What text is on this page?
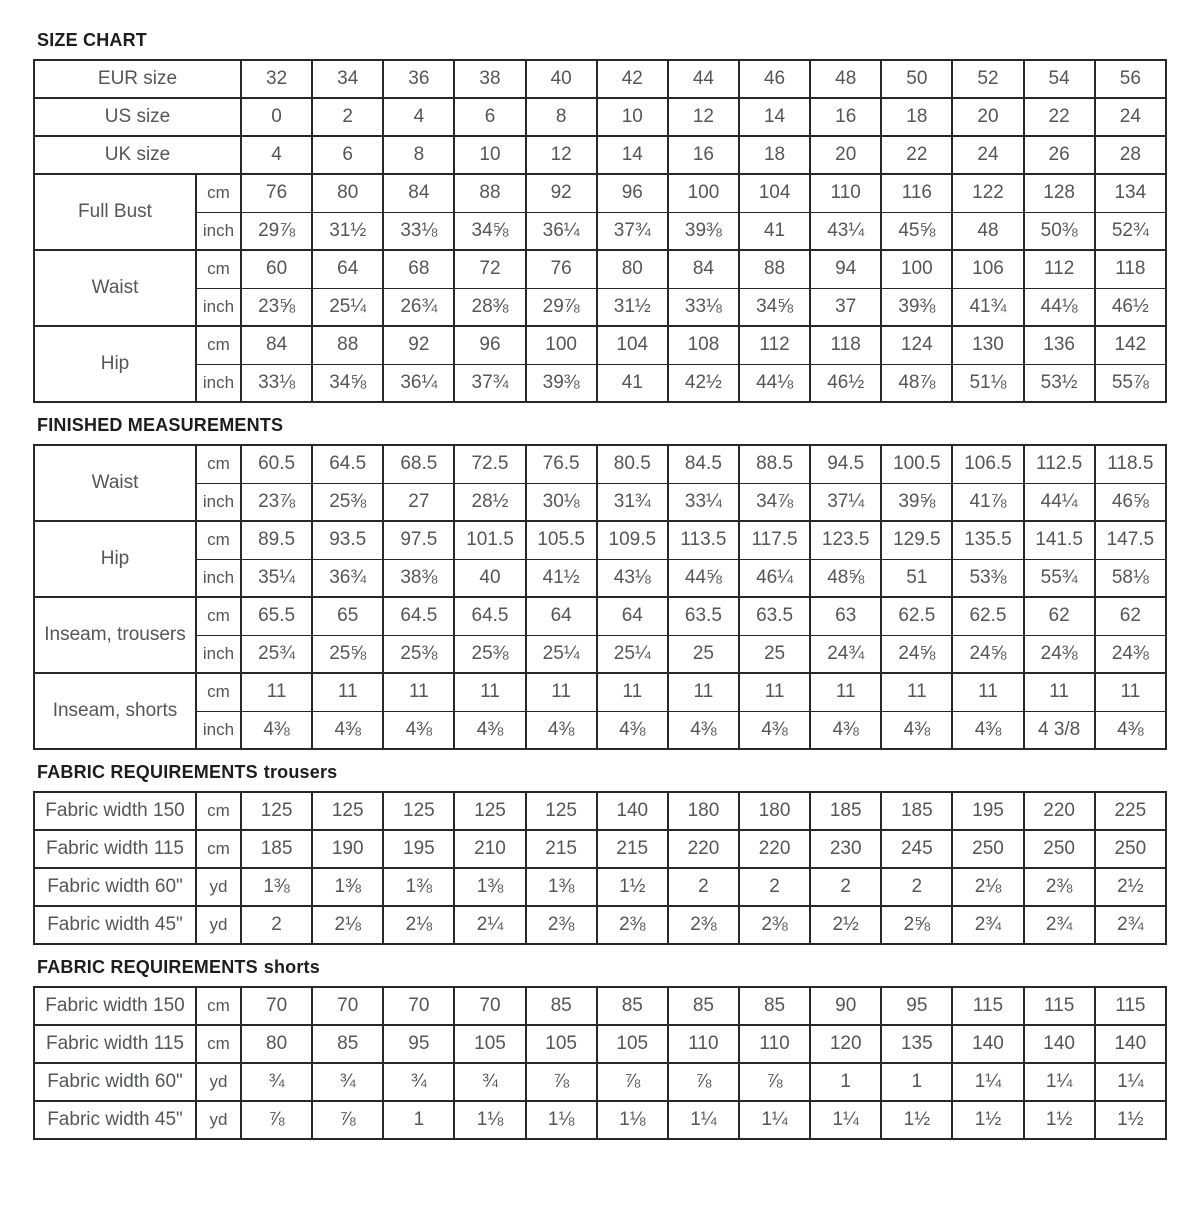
SIZE CHART
EUR size		32	34	36	38	40	42	44	46	48	50	52	54	56
US size		0	2	4	6	8	10	12	14	16	18	20	22	24
UK size		4	6	8	10	12	14	16	18	20	22	24	26	28
Full Bust	cm	76	80	84	88	92	96	100	104	110	116	122	128	134
	inch	29⅞	31½	33⅛	34⅝	36¼	37¾	39⅜	41	43¼	45⅝	48	50⅜	52¾
Waist	cm	60	64	68	72	76	80	84	88	94	100	106	112	118
	inch	23⅝	25¼	26¾	28⅜	29⅞	31½	33⅛	34⅝	37	39⅜	41¾	44⅛	46½
Hip	cm	84	88	92	96	100	104	108	112	118	124	130	136	142
	inch	33⅛	34⅝	36¼	37¾	39⅜	41	42½	44⅛	46½	48⅞	51⅛	53½	55⅞
FINISHED MEASUREMENTS
Waist	cm	60.5	64.5	68.5	72.5	76.5	80.5	84.5	88.5	94.5	100.5	106.5	112.5	118.5
	inch	23⅞	25⅜	27	28½	30⅛	31¾	33¼	34⅞	37¼	39⅝	41⅞	44¼	46⅝
Hip	cm	89.5	93.5	97.5	101.5	105.5	109.5	113.5	117.5	123.5	129.5	135.5	141.5	147.5
	inch	35¼	36¾	38⅜	40	41½	43⅛	44⅝	46¼	48⅝	51	53⅜	55¾	58⅛
Inseam, trousers	cm	65.5	65	64.5	64.5	64	64	63.5	63.5	63	62.5	62.5	62	62
	inch	25¾	25⅝	25⅜	25⅜	25¼	25¼	25	25	24¾	24⅝	24⅝	24⅜	24⅜
Inseam, shorts	cm	11	11	11	11	11	11	11	11	11	11	11	11	11
	inch	4⅜	4⅜	4⅜	4⅜	4⅜	4⅜	4⅜	4⅜	4⅜	4⅜	4⅜	4 3/8	4⅜
FABRIC REQUIREMENTS trousers
Fabric width 150	cm	125	125	125	125	125	140	180	180	185	185	195	220	225
Fabric width 115	cm	185	190	195	210	215	215	220	220	230	245	250	250	250
Fabric width 60"	yd	1⅜	1⅜	1⅜	1⅜	1⅜	1½	2	2	2	2	2⅛	2⅜	2½
Fabric width 45"	yd	2	2⅛	2⅛	2¼	2⅜	2⅜	2⅜	2⅜	2½	2⅝	2¾	2¾	2¾
FABRIC REQUIREMENTS shorts
Fabric width 150	cm	70	70	70	70	85	85	85	85	90	95	115	115	115
Fabric width 115	cm	80	85	95	105	105	105	110	110	120	135	140	140	140
Fabric width 60"	yd	¾	¾	¾	¾	⅞	⅞	⅞	⅞	1	1	1¼	1¼	1¼
Fabric width 45"	yd	⅞	⅞	1	1⅛	1⅛	1⅛	1¼	1¼	1¼	1½	1½	1½	1½
